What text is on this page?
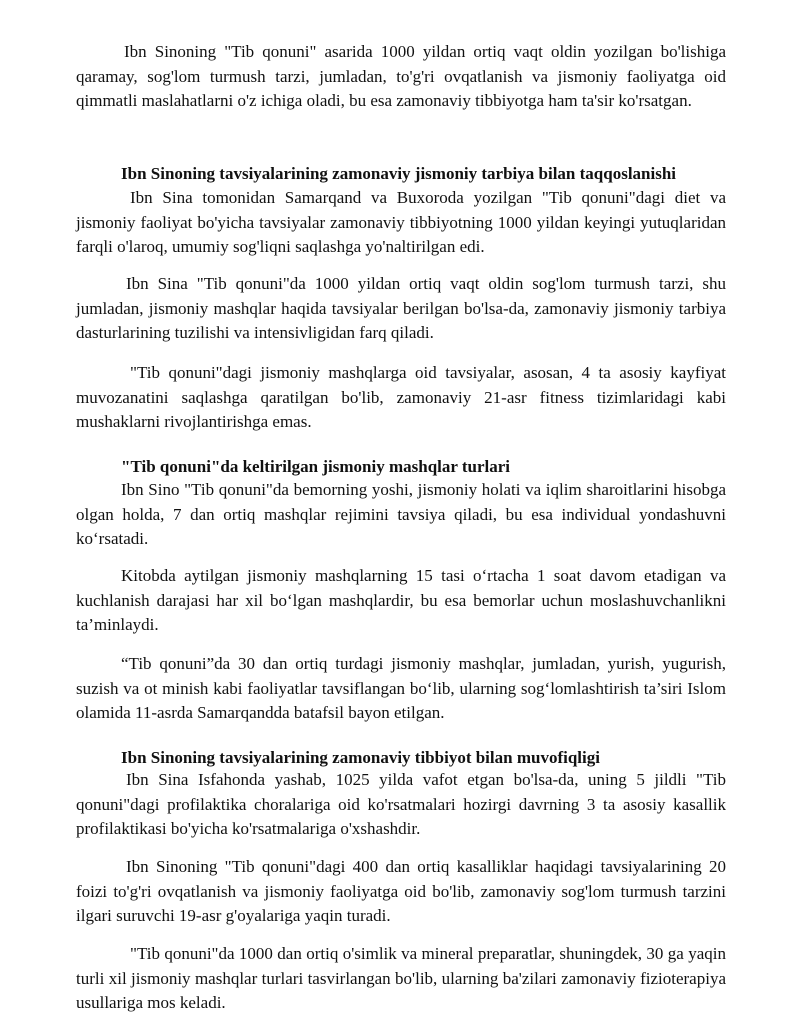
Ibn Sinoning "Tib qonuni" asarida 1000 yildan ortiq vaqt oldin yozilgan bo'lishiga qaramay, sog'lom turmush tarzi, jumladan, to'g'ri ovqatlanish va jismoniy faoliyatga oid qimmatli maslahatlarni o'z ichiga oladi, bu esa zamonaviy tibbiyotga ham ta'sir ko'rsatgan.

Ibn Sinoning tavsiyalarining zamonaviy jismoniy tarbiya bilan taqqoslanishi

Ibn Sina tomonidan Samarqand va Buxoroda yozilgan "Tib qonuni"dagi diet va jismoniy faoliyat bo'yicha tavsiyalar zamonaviy tibbiyotning 1000 yildan keyingi yutuqlaridan farqli o'laroq, umumiy sog'liqni saqlashga yo'naltirilgan edi.

Ibn Sina "Tib qonuni"da 1000 yildan ortiq vaqt oldin sog'lom turmush tarzi, shu jumladan, jismoniy mashqlar haqida tavsiyalar berilgan bo'lsa-da, zamonaviy jismoniy tarbiya dasturlarining tuzilishi va intensivligidan farq qiladi.

"Tib qonuni"dagi jismoniy mashqlarga oid tavsiyalar, asosan, 4 ta asosiy kayfiyat muvozanatini saqlashga qaratilgan bo'lib, zamonaviy 21-asr fitness tizimlaridagi kabi mushaklarni rivojlantirishga emas.

"Tib qonuni"da keltirilgan jismoniy mashqlar turlari

Ibn Sino "Tib qonuni"da bemorning yoshi, jismoniy holati va iqlim sharoitlarini hisobga olgan holda, 7 dan ortiq mashqlar rejimini tavsiya qiladi, bu esa individual yondashuvni ko‘rsatadi.

Kitobda aytilgan jismoniy mashqlarning 15 tasi o‘rtacha 1 soat davom etadigan va kuchlanish darajasi har xil bo‘lgan mashqlardir, bu esa bemorlar uchun moslashuvchanlikni ta’minlaydi.

“Tib qonuni”da 30 dan ortiq turdagi jismoniy mashqlar, jumladan, yurish, yugurish, suzish va ot minish kabi faoliyatlar tavsiflangan bo‘lib, ularning sog‘lomlashtirish ta’siri Islom olamida 11-asrda Samarqandda batafsil bayon etilgan.

Ibn Sinoning tavsiyalarining zamonaviy tibbiyot bilan muvofiqligi

Ibn Sina Isfahonda yashab, 1025 yilda vafot etgan bo'lsa-da, uning 5 jildli "Tib qonuni"dagi profilaktika choralariga oid ko'rsatmalari hozirgi davrning 3 ta asosiy kasallik profilaktikasi bo'yicha ko'rsatmalariga o'xshashdir.

Ibn Sinoning "Tib qonuni"dagi 400 dan ortiq kasalliklar haqidagi tavsiyalarining 20 foizi to'g'ri ovqatlanish va jismoniy faoliyatga oid bo'lib, zamonaviy sog'lom turmush tarzini ilgari suruvchi 19-asr g'oyalariga yaqin turadi.

"Tib qonuni"da 1000 dan ortiq o'simlik va mineral preparatlar, shuningdek, 30 ga yaqin turli xil jismoniy mashqlar turlari tasvirlangan bo'lib, ularning ba'zilari zamonaviy fizioterapiya usullariga mos keladi.
